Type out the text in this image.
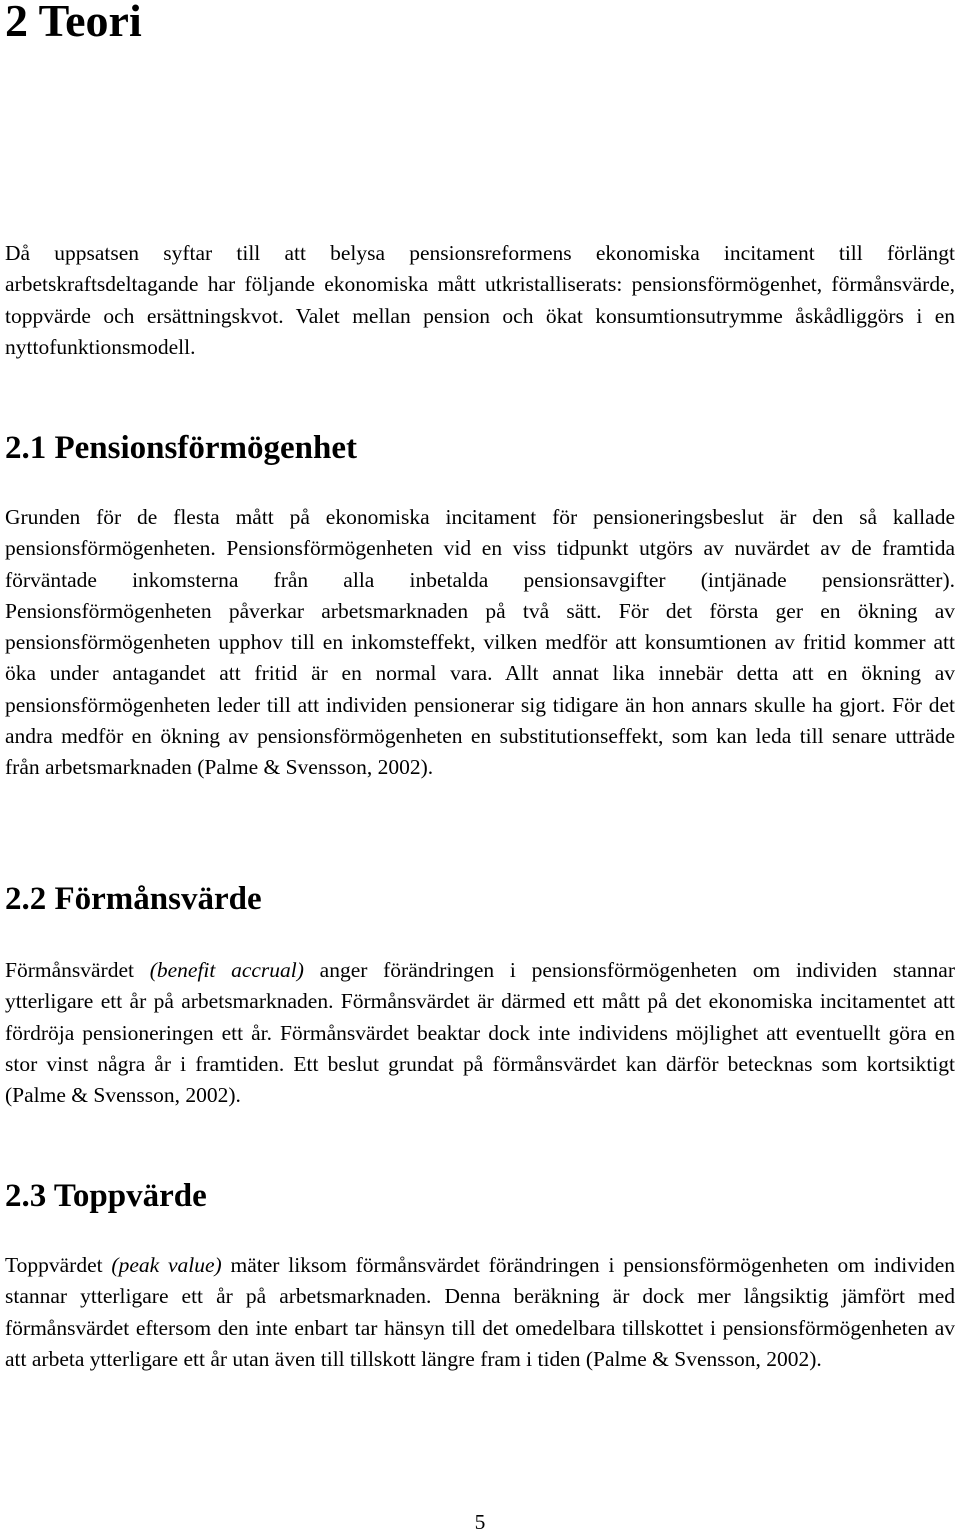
2 Teori

Då uppsatsen syftar till att belysa pensionsreformens ekonomiska incitament till förlängt arbetskraftsdeltagande har följande ekonomiska mått utkristalliserats: pensionsförmögenhet, förmånsvärde, toppvärde och ersättningskvot. Valet mellan pension och ökat konsumtionsutrymme åskådliggörs i en nyttofunktionsmodell.

2.1 Pensionsförmögenhet

Grunden för de flesta mått på ekonomiska incitament för pensioneringsbeslut är den så kallade pensionsförmögenheten. Pensionsförmögenheten vid en viss tidpunkt utgörs av nuvärdet av de framtida förväntade inkomsterna från alla inbetalda pensionsavgifter (intjänade pensionsrätter). Pensionsförmögenheten påverkar arbetsmarknaden på två sätt. För det första ger en ökning av pensionsförmögenheten upphov till en inkomsteffekt, vilken medför att konsumtionen av fritid kommer att öka under antagandet att fritid är en normal vara. Allt annat lika innebär detta att en ökning av pensionsförmögenheten leder till att individen pensionerar sig tidigare än hon annars skulle ha gjort. För det andra medför en ökning av pensionsförmögenheten en substitutionseffekt, som kan leda till senare utträde från arbetsmarknaden (Palme & Svensson, 2002).

2.2 Förmånsvärde

Förmånsvärdet (benefit accrual) anger förändringen i pensionsförmögenheten om individen stannar ytterligare ett år på arbetsmarknaden. Förmånsvärdet är därmed ett mått på det ekonomiska incitamentet att fördröja pensioneringen ett år. Förmånsvärdet beaktar dock inte individens möjlighet att eventuellt göra en stor vinst några år i framtiden. Ett beslut grundat på förmånsvärdet kan därför betecknas som kortsiktigt (Palme & Svensson, 2002).

2.3 Toppvärde

Toppvärdet (peak value) mäter liksom förmånsvärdet förändringen i pensionsförmögenheten om individen stannar ytterligare ett år på arbetsmarknaden. Denna beräkning är dock mer långsiktig jämfört med förmånsvärdet eftersom den inte enbart tar hänsyn till det omedelbara tillskottet i pensionsförmögenheten av att arbeta ytterligare ett år utan även till tillskott längre fram i tiden (Palme & Svensson, 2002).

5
